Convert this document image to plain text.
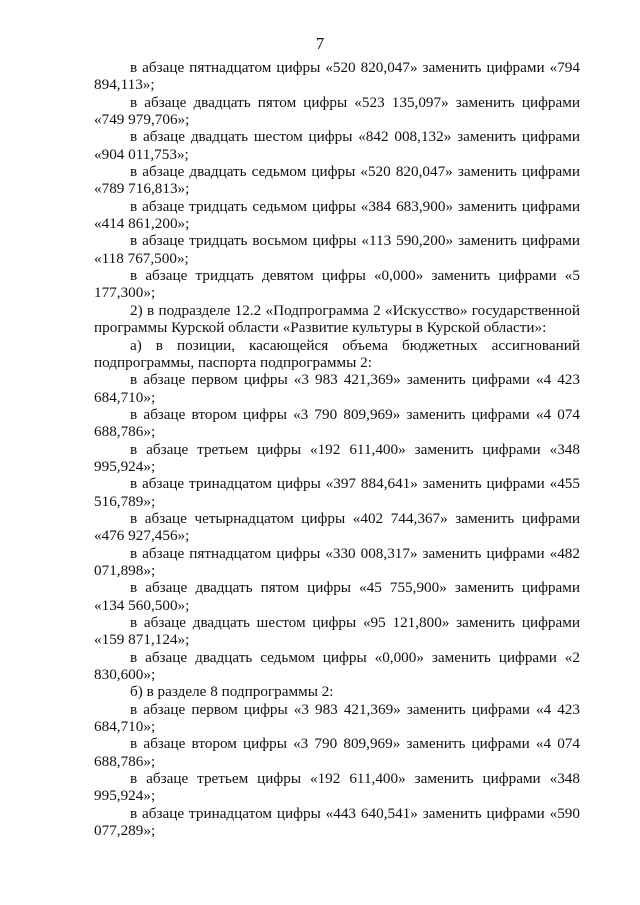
7

в абзаце пятнадцатом цифры «520 820,047» заменить цифрами «794 894,113»;

в абзаце двадцать пятом цифры «523 135,097» заменить цифрами «749 979,706»;

в абзаце двадцать шестом цифры «842 008,132» заменить цифрами «904 011,753»;

в абзаце двадцать седьмом цифры «520 820,047» заменить цифрами «789 716,813»;

в абзаце тридцать седьмом цифры «384 683,900» заменить цифрами «414 861,200»;

в абзаце тридцать восьмом цифры «113 590,200» заменить цифрами «118 767,500»;

в абзаце тридцать девятом цифры «0,000» заменить цифрами «5 177,300»;

2) в подразделе 12.2 «Подпрограмма 2 «Искусство» государственной программы Курской области «Развитие культуры в Курской области»:

а) в позиции, касающейся объема бюджетных ассигнований подпрограммы, паспорта подпрограммы 2:

в абзаце первом цифры «3 983 421,369» заменить цифрами «4 423 684,710»;

в абзаце втором цифры «3 790 809,969» заменить цифрами «4 074 688,786»;

в абзаце третьем цифры «192 611,400» заменить цифрами «348 995,924»;

в абзаце тринадцатом цифры «397 884,641» заменить цифрами «455 516,789»;

в абзаце четырнадцатом цифры «402 744,367» заменить цифрами «476 927,456»;

в абзаце пятнадцатом цифры «330 008,317» заменить цифрами «482 071,898»;

в абзаце двадцать пятом цифры «45 755,900» заменить цифрами «134 560,500»;

в абзаце двадцать шестом цифры «95 121,800» заменить цифрами «159 871,124»;

в абзаце двадцать седьмом цифры «0,000» заменить цифрами «2 830,600»;

б) в разделе 8 подпрограммы 2:

в абзаце первом цифры «3 983 421,369» заменить цифрами «4 423 684,710»;

в абзаце втором цифры «3 790 809,969» заменить цифрами «4 074 688,786»;

в абзаце третьем цифры «192 611,400» заменить цифрами «348 995,924»;

в абзаце тринадцатом цифры «443 640,541» заменить цифрами «590 077,289»;
